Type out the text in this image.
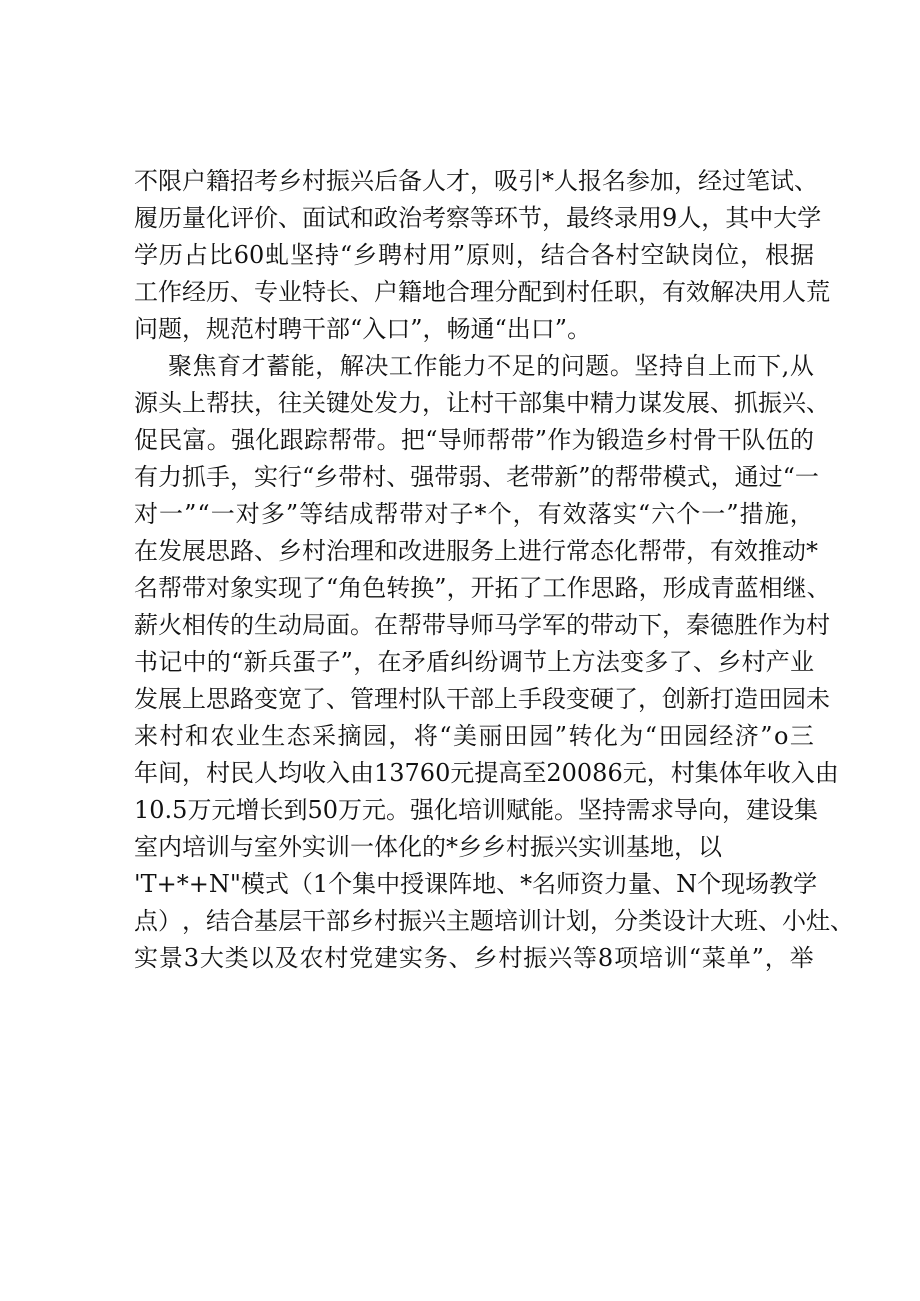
不 限 户 籍 招 考 乡 村 振 兴 后 备 人 才 ， 吸 引 * 人 报 名 参 加 ， 经 过 笔 试 、
履 历 量 化 评 价 、 面 试 和 政 治 考 察 等 环 节 ， 最 终 录 用 9 人 ， 其 中 大 学
学 历 占 比 60 虬 坚 持 “ 乡 聘 村 用 ” 原 则 ， 结 合 各 村 空 缺 岗 位 ， 根 据
工 作 经 历 、 专 业 特 长 、 户 籍 地 合 理 分 配 到 村 任 职 ， 有 效 解 决 用 人 荒
问题，规范村聘干部“入口”，畅通“出口”。
聚 焦 育 才 蓄 能 ， 解 决 工 作 能 力 不 足 的 问 题 。 坚 持 自 上 而 下 , 从
源 头 上 帮 扶 ， 往 关 键 处 发 力 ， 让 村 干 部 集 中 精 力 谋 发 展 、 抓 振 兴 、
促 民 富 。 强 化 跟 踪 帮 带 。 把 “ 导 师 帮 带 ” 作 为 锻 造 乡 村 骨 干 队 伍 的
有 力 抓 手 ， 实 行 “ 乡 带 村 、 强 带 弱 、 老 带 新 ” 的 帮 带 模 式 ， 通 过 “ 一
对 一 ” “ 一 对 多 ” 等 结 成 帮 带 对 子 * 个 ， 有 效 落 实 “ 六 个 一 ” 措 施 ，
在 发 展 思 路 、 乡 村 治 理 和 改 进 服 务 上 进 行 常 态 化 帮 带 ， 有 效 推 动 *
名 帮 带 对 象 实 现 了 “ 角 色 转 换 ” ， 开 拓 了 工 作 思 路 ， 形 成 青 蓝 相 继 、
薪 火 相 传 的 生 动 局 面 。 在 帮 带 导 师 马 学 军 的 带 动 下 ， 秦 德 胜 作 为 村
书 记 中 的 “ 新 兵 蛋 子 ” ， 在 矛 盾 纠 纷 调 节 上 方 法 变 多 了 、 乡 村 产 业
发 展 上 思 路 变 宽 了 、 管 理 村 队 干 部 上 手 段 变 硬 了 ， 创 新 打 造 田 园 未
来 村 和 农 业 生 态 采 摘 园 ， 将 “ 美 丽 田 园 ” 转 化 为 “ 田 园 经 济 ” o 三
年 间 ， 村 民 人 均 收 入 由 13760 元 提 高 至 20086 元 ， 村 集 体 年 收 入 由
10.5 万 元 增 长 到 50 万 元 。 强 化 培 训 赋 能 。 坚 持 需 求 导 向 ， 建 设 集
室内培训与室外实训一体化的*乡乡村振兴实训基地，以
'T+*+N" 模 式 （ 1 个 集 中 授 课 阵 地 、 * 名 师 资 力 量 、 N 个 现 场 教 学
点 ） ， 结 合 基 层 干 部 乡 村 振 兴 主 题 培 训 计 划 ， 分 类 设 计 大 班 、 小 灶 、
实 景 3 大 类 以 及 农 村 党 建 实 务 、 乡 村 振 兴 等 8 项 培 训 “ 菜 单 ” ， 举
